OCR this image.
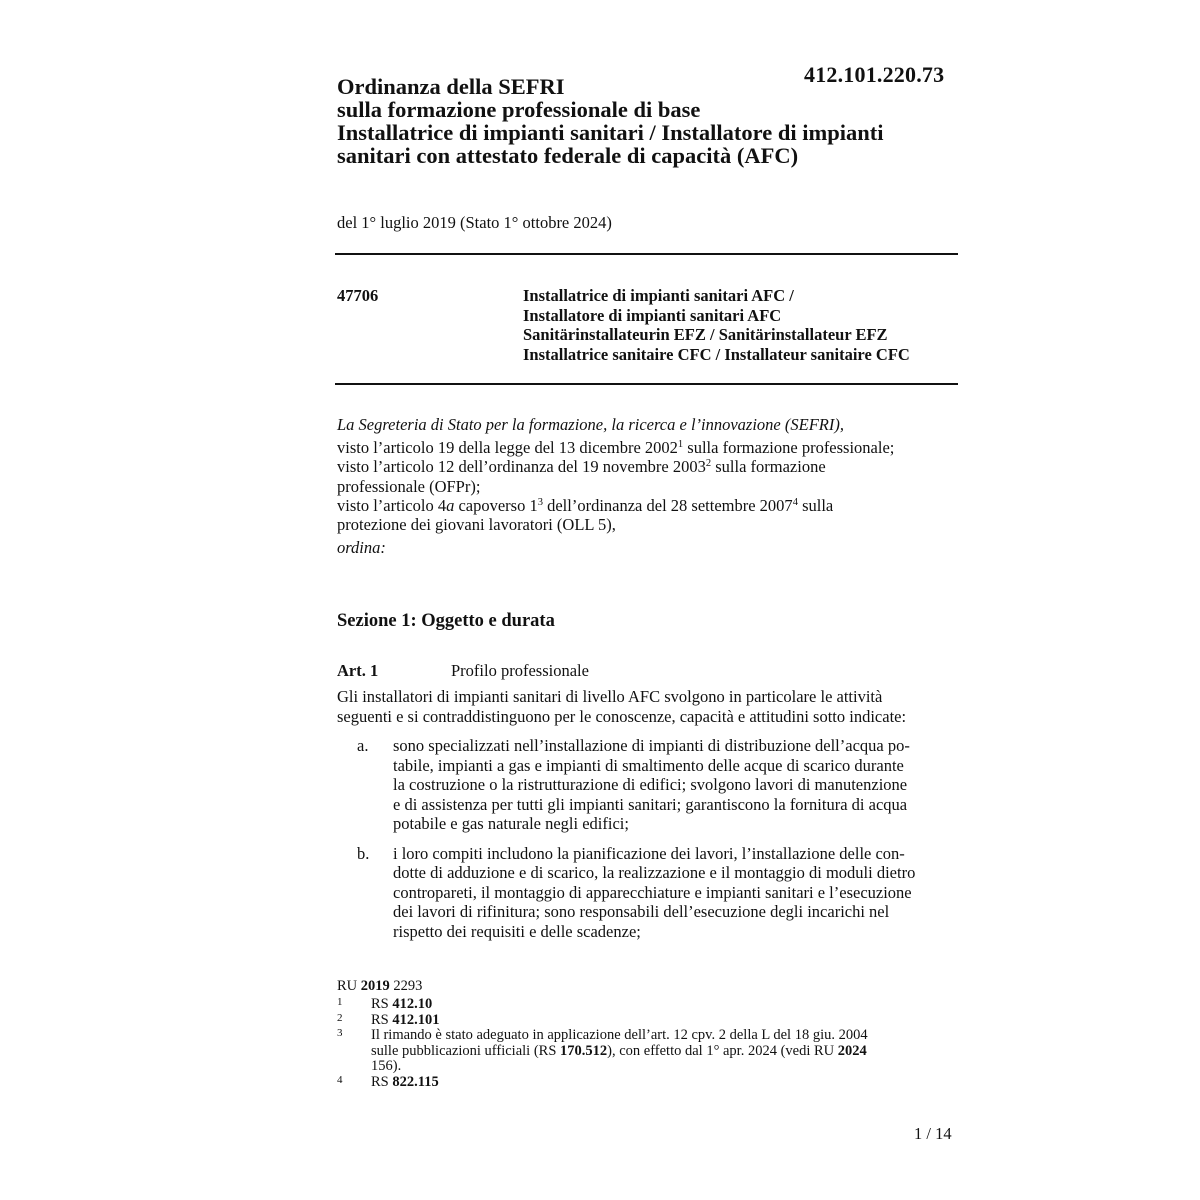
412.101.220.73
Ordinanza della SEFRI
sulla formazione professionale di base
Installatrice di impianti sanitari / Installatore di impianti
sanitari con attestato federale di capacità (AFC)
del 1° luglio 2019 (Stato 1° ottobre 2024)
47706	Installatrice di impianti sanitari AFC /
Installatore di impianti sanitari AFC
Sanitärinstallateurin EFZ / Sanitärinstallateur EFZ
Installatrice sanitaire CFC / Installateur sanitaire CFC
La Segreteria di Stato per la formazione, la ricerca e l’innovazione (SEFRI),
visto l’articolo 19 della legge del 13 dicembre 2002$^1$ sulla formazione professionale;
visto l’articolo 12 dell’ordinanza del 19 novembre 2003$^2$ sulla formazione
professionale (OFPr);
visto l’articolo 4a capoverso $1^3$ dell’ordinanza del 28 settembre 2007$^4$ sulla
protezione dei giovani lavoratori (OLL 5),
ordina:
Sezione 1: Oggetto e durata
Art. 1	Profilo professionale
Gli installatori di impianti sanitari di livello AFC svolgono in particolare le attività
seguenti e si contraddistinguono per le conoscenze, capacità e attitudini sotto indicate:
a. sono specializzati nell’installazione di impianti di distribuzione dell’acqua po-
tabile, impianti a gas e impianti di smaltimento delle acque di scarico durante
la costruzione o la ristrutturazione di edifici; svolgono lavori di manutenzione
e di assistenza per tutti gli impianti sanitari; garantiscono la fornitura di acqua
potabile e gas naturale negli edifici;
b. i loro compiti includono la pianificazione dei lavori, l’installazione delle con-
dotte di adduzione e di scarico, la realizzazione e il montaggio di moduli dietro
contropareti, il montaggio di apparecchiature e impianti sanitari e l’esecuzione
dei lavori di rifinitura; sono responsabili dell’esecuzione degli incarichi nel
rispetto dei requisiti e delle scadenze;
RU 2019 2293
1 RS 412.10
2 RS 412.101
3 Il rimando è stato adeguato in applicazione dell’art. 12 cpv. 2 della L del 18 giu. 2004
sulle pubblicazioni ufficiali (RS 170.512), con effetto dal 1° apr. 2024 (vedi RU 2024
156).
4 RS 822.115
1 / 14
